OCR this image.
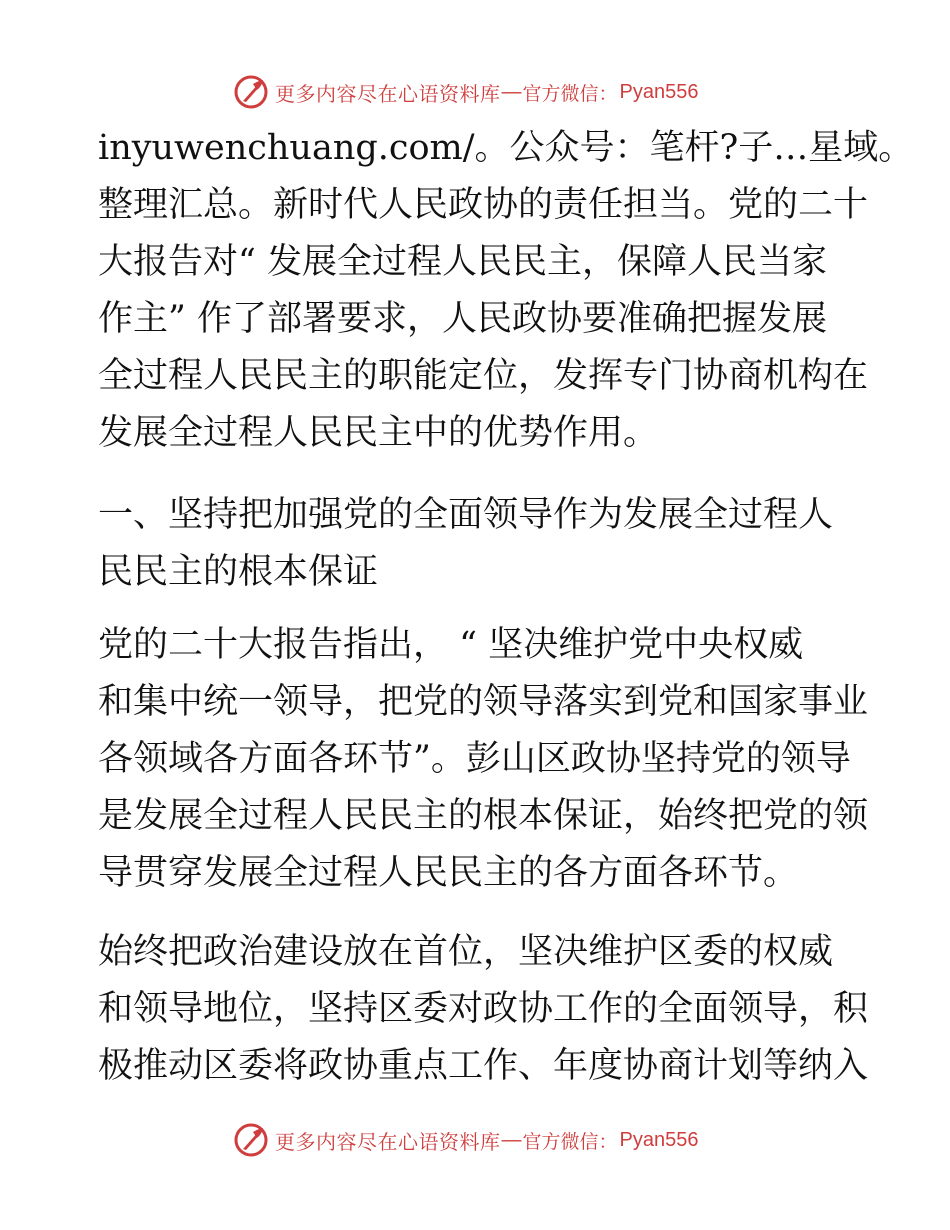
更多内容尽在心语资料库 — 官方微信： Pyan556
inyuwenchuang.com/。公众号：笔杆?子…星域。
整理汇总。新时代人民政协的责任担当。党的二十
大报告对“ 发展全过程人民民主，保障人民当家
作主” 作了部署要求，人民政协要准确把握发展
全过程人民民主的职能定位，发挥专门协商机构在
发展全过程人民民主中的优势作用。
一、坚持把加强党的全面领导作为发展全过程人
民民主的根本保证
党的二十大报告指出， “ 坚决维护党中央权威
和集中统一领导，把党的领导落实到党和国家事业
各领域各方面各环节”。彭山区政协坚持党的领导
是发展全过程人民民主的根本保证，始终把党的领
导贯穿发展全过程人民民主的各方面各环节。
始终把政治建设放在首位，坚决维护区委的权威
和领导地位，坚持区委对政协工作的全面领导，积
极推动区委将政协重点工作、年度协商计划等纳入
更多内容尽在心语资料库 — 官方微信： Pyan556
